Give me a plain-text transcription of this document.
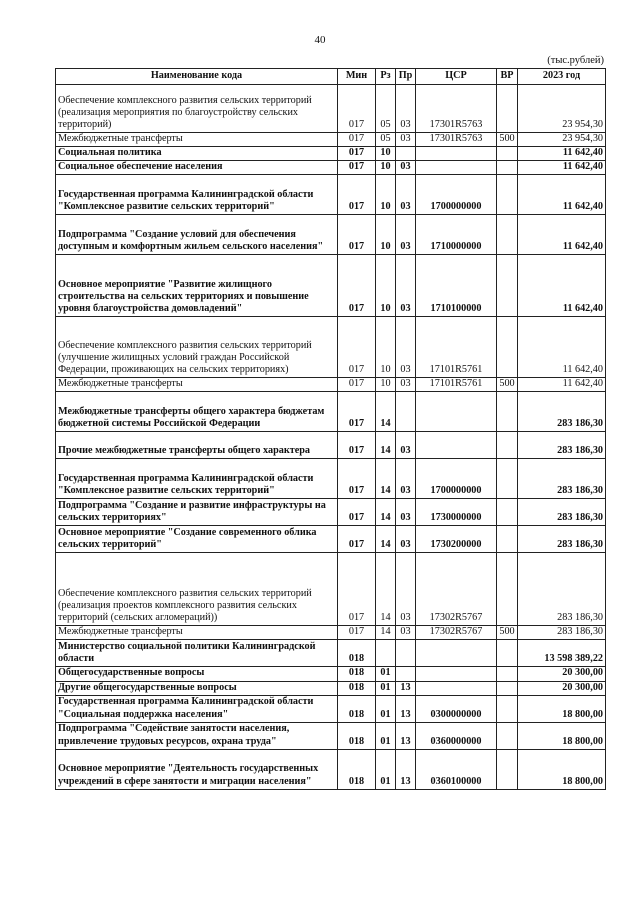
40
(тыс.рублей)
Наименование кода	Мин	Рз	Пр	ЦСР	ВР	2023 год
Обеспечение комплексного развития сельских территорий (реализация мероприятия по благоустройству сельских территорий)	017	05	03	17301R5763		23 954,30
Межбюджетные трансферты	017	05	03	17301R5763	500	23 954,30
Социальная политика	017	10				11 642,40
Социальное обеспечение населения	017	10	03			11 642,40
Государственная программа Калининградской области "Комплексное развитие сельских территорий"	017	10	03	1700000000		11 642,40
Подпрограмма "Создание условий для обеспечения доступным и комфортным жильем сельского населения"	017	10	03	1710000000		11 642,40
Основное мероприятие "Развитие жилищного строительства на сельских территориях и повышение уровня благоустройства домовладений"	017	10	03	1710100000		11 642,40
Обеспечение комплексного развития сельских территорий (улучшение жилищных условий граждан Российской Федерации, проживающих на сельских территориях)	017	10	03	17101R5761		11 642,40
Межбюджетные трансферты	017	10	03	17101R5761	500	11 642,40
Межбюджетные трансферты общего характера бюджетам бюджетной системы Российской Федерации	017	14				283 186,30
Прочие межбюджетные трансферты общего характера	017	14	03			283 186,30
Государственная программа Калининградской области "Комплексное развитие сельских территорий"	017	14	03	1700000000		283 186,30
Подпрограмма "Создание и развитие инфраструктуры на сельских территориях"	017	14	03	1730000000		283 186,30
Основное мероприятие "Создание современного облика сельских территорий"	017	14	03	1730200000		283 186,30
Обеспечение комплексного развития сельских территорий (реализация проектов комплексного развития сельских территорий (сельских агломераций))	017	14	03	17302R5767		283 186,30
Межбюджетные трансферты	017	14	03	17302R5767	500	283 186,30
Министерство социальной политики Калининградской области	018					13 598 389,22
Общегосударственные вопросы	018	01				20 300,00
Другие общегосударственные вопросы	018	01	13			20 300,00
Государственная программа Калининградской области "Социальная поддержка населения"	018	01	13	0300000000		18 800,00
Подпрограмма "Содействие занятости населения, привлечение трудовых ресурсов, охрана труда"	018	01	13	0360000000		18 800,00
Основное мероприятие "Деятельность государственных учреждений в сфере занятости и миграции населения"	018	01	13	0360100000		18 800,00
